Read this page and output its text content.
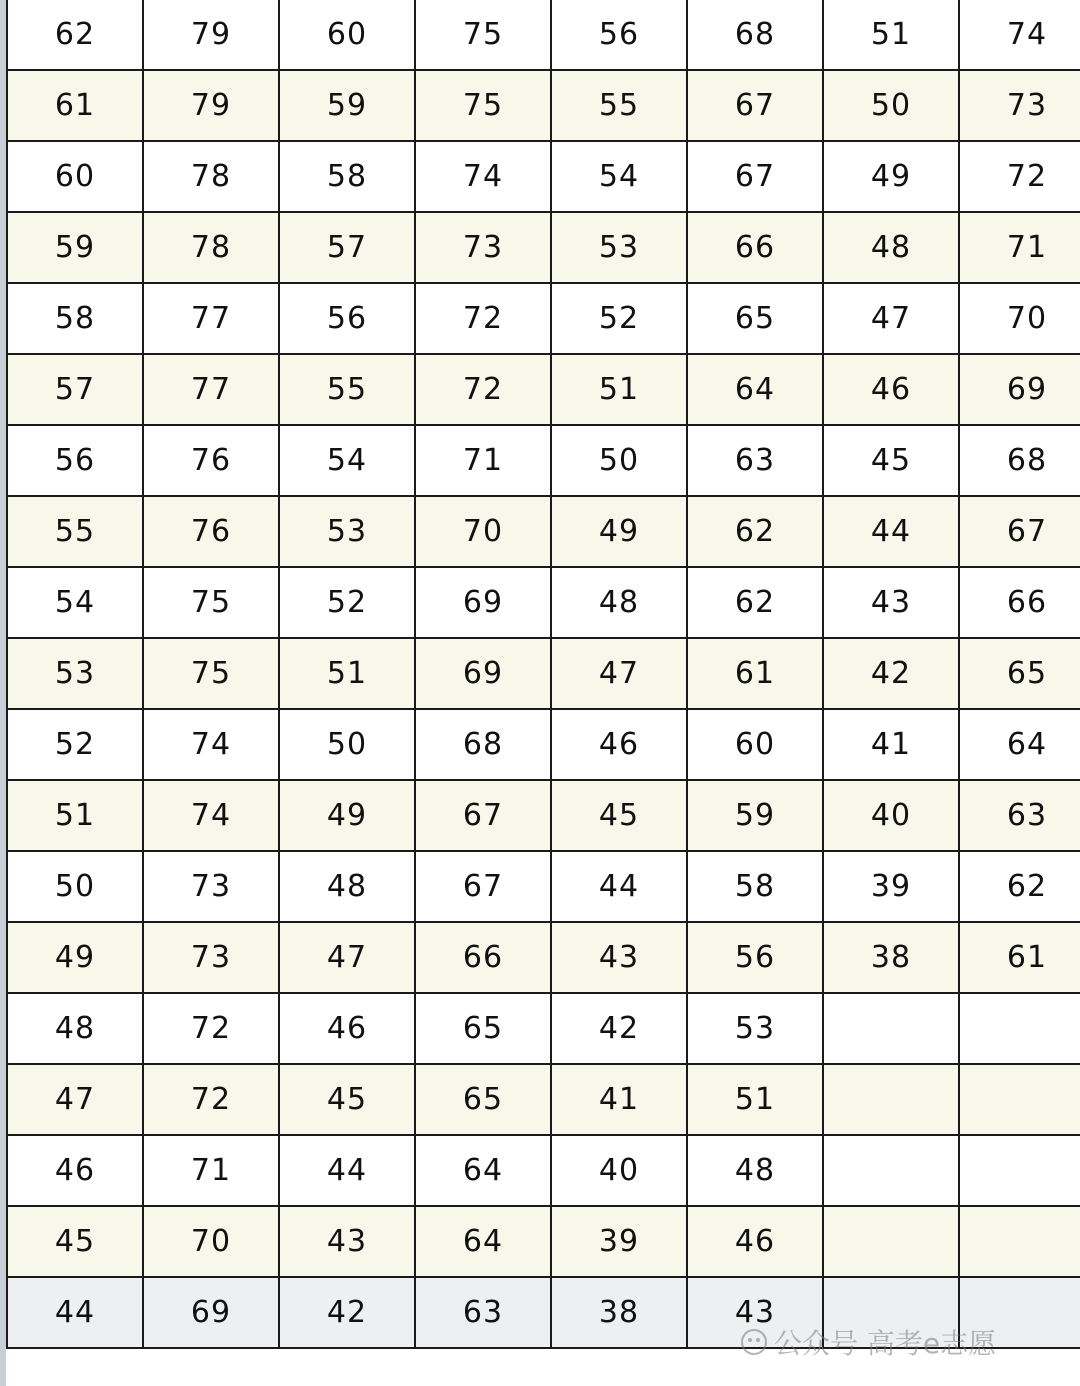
62	79	60	75	56	68	51	74
61	79	59	75	55	67	50	73
60	78	58	74	54	67	49	72
59	78	57	73	53	66	48	71
58	77	56	72	52	65	47	70
57	77	55	72	51	64	46	69
56	76	54	71	50	63	45	68
55	76	53	70	49	62	44	67
54	75	52	69	48	62	43	66
53	75	51	69	47	61	42	65
52	74	50	68	46	60	41	64
51	74	49	67	45	59	40	63
50	73	48	67	44	58	39	62
49	73	47	66	43	56	38	61
48	72	46	65	42	53		
47	72	45	65	41	51		
46	71	44	64	40	48		
45	70	43	64	39	46		
44	69	42	63	38	43		
公众号 高考e志愿
